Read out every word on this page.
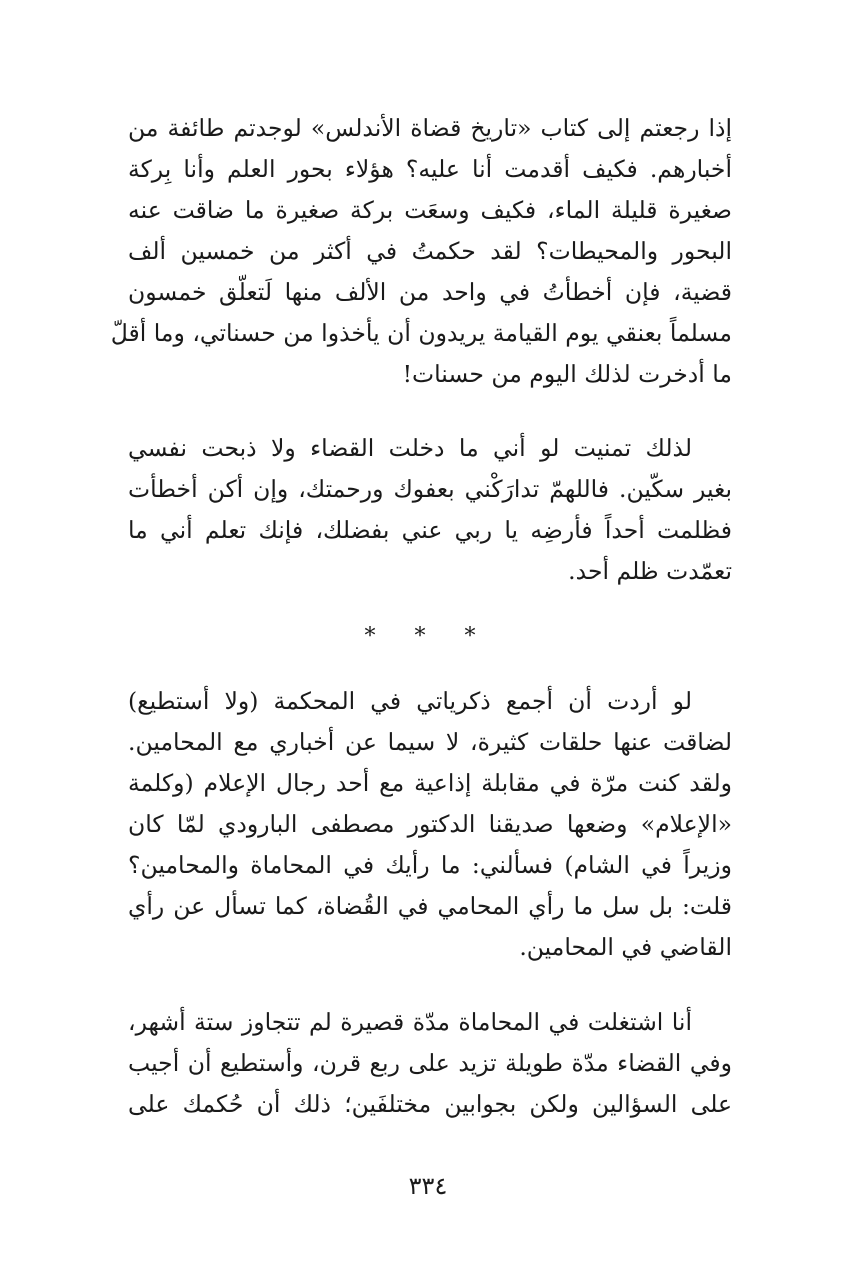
إذا رجعتم إلى كتاب «تاريخ قضاة الأندلس» لوجدتم طائفة من
أخبارهم. فكيف أقدمت أنا عليه؟ هؤلاء بحور العلم وأنا بِركة
صغيرة قليلة الماء، فكيف وسعَت بركة صغيرة ما ضاقت عنه
البحور والمحيطات؟ لقد حكمتُ في أكثر من خمسين ألف
قضية، فإن أخطأتُ في واحد من الألف منها لَتعلّق خمسون
مسلماً بعنقي يوم القيامة يريدون أن يأخذوا من حسناتي، وما أقلّ
ما أدخرت لذلك اليوم من حسنات!
لذلك تمنيت لو أني ما دخلت القضاء ولا ذبحت نفسي
بغير سكّين. فاللهمّ تدارَكْني بعفوك ورحمتك، وإن أكن أخطأت
فظلمت أحداً فأرضِه يا ربي عني بفضلك، فإنك تعلم أني ما
تعمّدت ظلم أحد.
* * *
لو أردت أن أجمع ذكرياتي في المحكمة (ولا أستطيع)
لضاقت عنها حلقات كثيرة، لا سيما عن أخباري مع المحامين.
ولقد كنت مرّة في مقابلة إذاعية مع أحد رجال الإعلام (وكلمة
«الإعلام» وضعها صديقنا الدكتور مصطفى البارودي لمّا كان
وزيراً في الشام) فسألني: ما رأيك في المحاماة والمحامين؟
قلت: بل سل ما رأي المحامي في القُضاة، كما تسأل عن رأي
القاضي في المحامين.
أنا اشتغلت في المحاماة مدّة قصيرة لم تتجاوز ستة أشهر،
وفي القضاء مدّة طويلة تزيد على ربع قرن، وأستطيع أن أجيب
على السؤالين ولكن بجوابين مختلفَين؛ ذلك أن حُكمك على
٣٣٤
